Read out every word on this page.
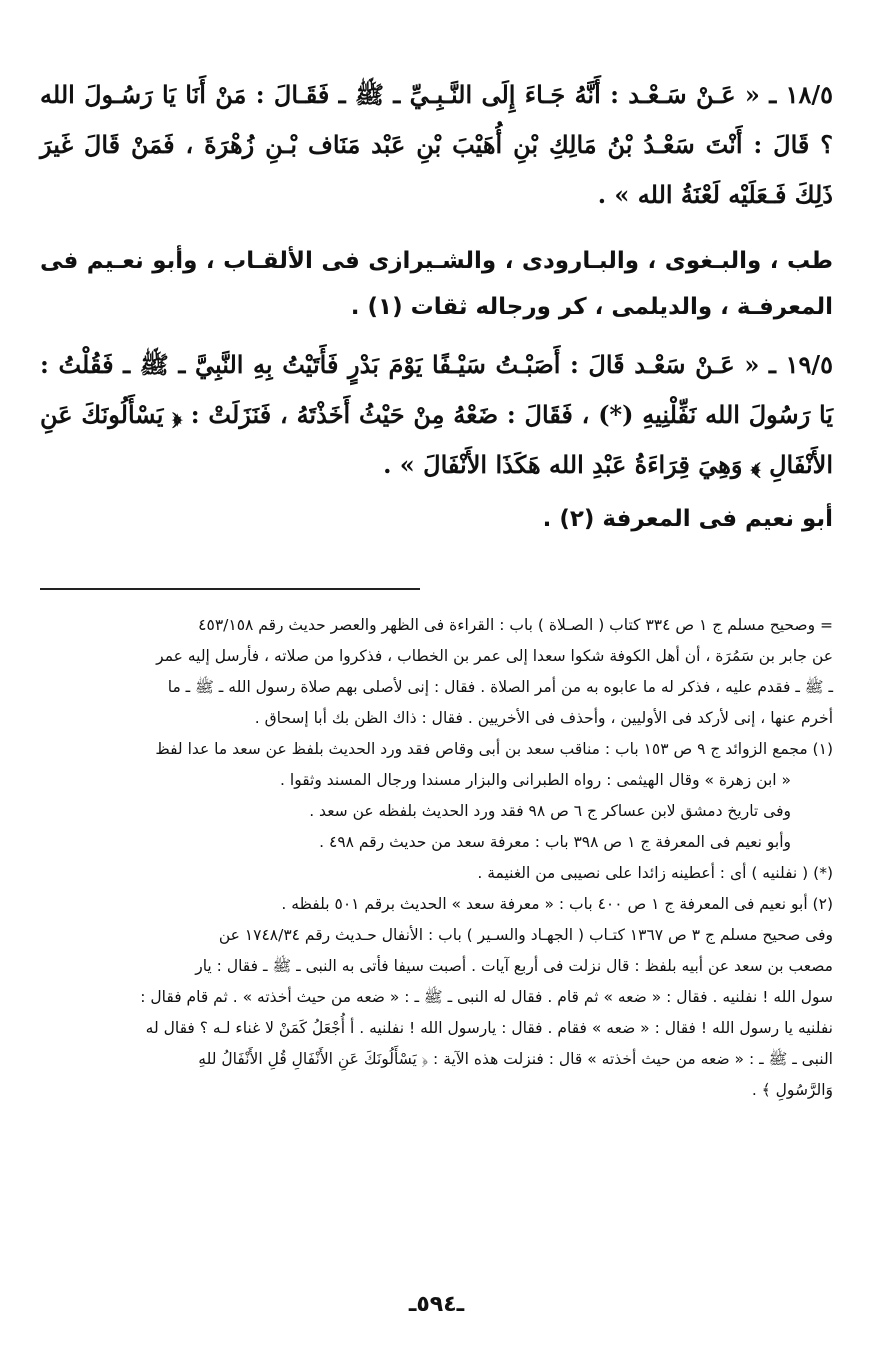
١٨/٥ ـ « عَـنْ سَـعْـد : أَنَّهُ جَـاءَ إِلَى النَّـبِـيِّ ـ ﷺ ـ فَقَـالَ : مَنْ أَنَا يَا رَسُـولَ الله ؟ قَالَ : أَنْتَ سَعْـدُ بْنُ مَالِكِ بْنِ أُهَيْبَ بْنِ عَبْد مَنَاف بْـنِ زُهْرَةَ ، فَمَنْ قَالَ غَيرَ ذَلِكَ فَـعَلَيْه لَعْنَةُ الله » .

طب ، والبـغوى ، والبـارودى ، والشـيرازى فى الألقـاب ، وأبو نعـيم فى المعرفـة ، والديلمى ، كر ورجاله ثقات (١) .

١٩/٥ ـ « عَـنْ سَعْـد قَالَ : أَصَبْـتُ سَيْـفًا يَوْمَ بَدْرٍ فَأَتَيْتُ بِهِ النَّبِيَّ ـ ﷺ ـ فَقُلْتُ : يَا رَسُولَ الله نَفِّلْنِيهِ (*) ، فَقَالَ : ضَعْهُ مِنْ حَيْثُ أَخَذْتَهُ ، فَنَزَلَتْ : ﴿ يَسْأَلُونَكَ عَنِ الأَنْفَالِ ﴾ وَهِيَ قِرَاءَةُ عَبْدِ الله هَكَذَا الأَنْفَالَ » .

أبو نعيم فى المعرفة (٢) .

= وصحيح مسلم ج ١ ص ٣٣٤ كتاب ( الصـلاة ) باب : القراءة فى الظهر والعصر حديث رقم ٤٥٣/١٥٨

عن جابر بن سَمُرَة ، أن أهل الكوفة شكوا سعدا إلى عمر بن الخطاب ، فذكروا من صلاته ، فأرسل إليه عمر

ـ ﷺ ـ فقدم عليه ، فذكر له ما عابوه به من أمر الصلاة . فقال : إنى لأصلى بهم صلاة رسول الله ـ ﷺ ـ ما

أخرم عنها ، إنى لأركد فى الأوليين ، وأحذف فى الأخريين . فقال : ذاك الظن بك أبا إسحاق .

(١) مجمع الزوائد ج ٩ ص ١٥٣ باب : مناقب سعد بن أبى وقاص فقد ورد الحديث بلفظ عن سعد ما عدا لفظ

« ابن زهرة » وقال الهيثمى : رواه الطبرانى والبزار مسندا ورجال المسند وثقوا .

وفى تاريخ دمشق لابن عساكر ج ٦ ص ٩٨ فقد ورد الحديث بلفظه عن سعد .

وأبو نعيم فى المعرفة ج ١ ص ٣٩٨ باب : معرفة سعد من حديث رقم ٤٩٨ .

(*) ( نفلنيه ) أى : أعطينه زائدا على نصيبى من الغنيمة .

(٢) أبو نعيم فى المعرفة ج ١ ص ٤٠٠ باب : « معرفة سعد » الحديث برقم ٥٠١ بلفظه .

وفى صحيح مسلم ج ٣ ص ١٣٦٧ كتـاب ( الجهـاد والسـير ) باب : الأنفال حـديث رقم ١٧٤٨/٣٤ عن

مصعب بن سعد عن أبيه بلفظ : قال نزلت فى أربع آيات . أصبت سيفا فأتى به النبى ـ ﷺ ـ فقال : يار

سول الله ! نفلنيه . فقال : « ضعه » ثم قام . فقال له النبى ـ ﷺ ـ : « ضعه من حيث أخذته » . ثم قام فقال :

نفلنيه يا رسول الله ! فقال : « ضعه » فقام . فقال : يارسول الله ! نفلنيه . أ أُجْعَلُ كَمَنْ لا غناء لـه ؟ فقال له

النبى ـ ﷺ ـ : « ضعه من حيث أخذته » قال : فنزلت هذه الآية : ﴿ يَسْأَلُونَكَ عَنِ الأَنْفَالِ قُلِ الأَنْفَالُ للهِ

وَالرَّسُولِ ﴾ .

ـ٥٩٤ـ
